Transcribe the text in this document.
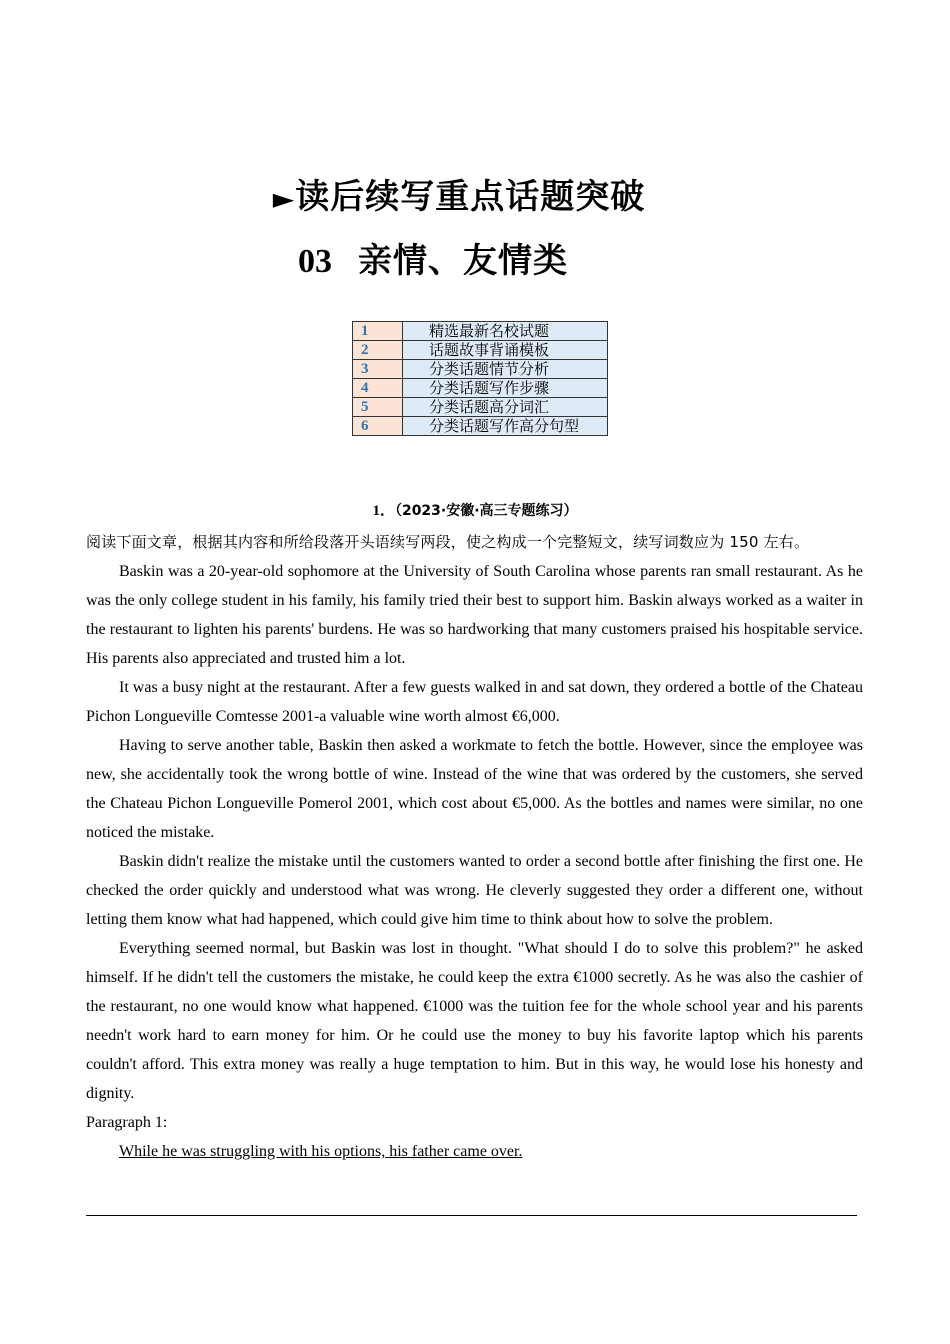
►读后续写重点话题突破
03 亲情、友情类
1	精选最新名校试题
2	话题故事背诵模板
3	分类话题情节分析
4	分类话题写作步骤
5	分类话题高分词汇
6	分类话题写作高分句型
1．（2023·安徽·高三专题练习）

阅读下面文章，根据其内容和所给段落开头语续写两段，使之构成一个完整短文，续写词数应为 150 左右。

Baskin was a 20-year-old sophomore at the University of South Carolina whose parents ran small restaurant. As he was the only college student in his family, his family tried their best to support him. Baskin always worked as a waiter in the restaurant to lighten his parents' burdens. He was so hardworking that many customers praised his hospitable service. His parents also appreciated and trusted him a lot.

It was a busy night at the restaurant. After a few guests walked in and sat down, they ordered a bottle of the Chateau Pichon Longueville Comtesse 2001-a valuable wine worth almost €6,000.

Having to serve another table, Baskin then asked a workmate to fetch the bottle. However, since the employee was new, she accidentally took the wrong bottle of wine. Instead of the wine that was ordered by the customers, she served the Chateau Pichon Longueville Pomerol 2001, which cost about €5,000. As the bottles and names were similar, no one noticed the mistake.

Baskin didn't realize the mistake until the customers wanted to order a second bottle after finishing the first one. He checked the order quickly and understood what was wrong. He cleverly suggested they order a different one, without letting them know what had happened, which could give him time to think about how to solve the problem.

Everything seemed normal, but Baskin was lost in thought. "What should I do to solve this problem?" he asked himself. If he didn't tell the customers the mistake, he could keep the extra €1000 secretly. As he was also the cashier of the restaurant, no one would know what happened. €1000 was the tuition fee for the whole school year and his parents needn't work hard to earn money for him. Or he could use the money to buy his favorite laptop which his parents couldn't afford. This extra money was really a huge temptation to him. But in this way, he would lose his honesty and dignity.

Paragraph 1:

While he was struggling with his options, his father came over.
